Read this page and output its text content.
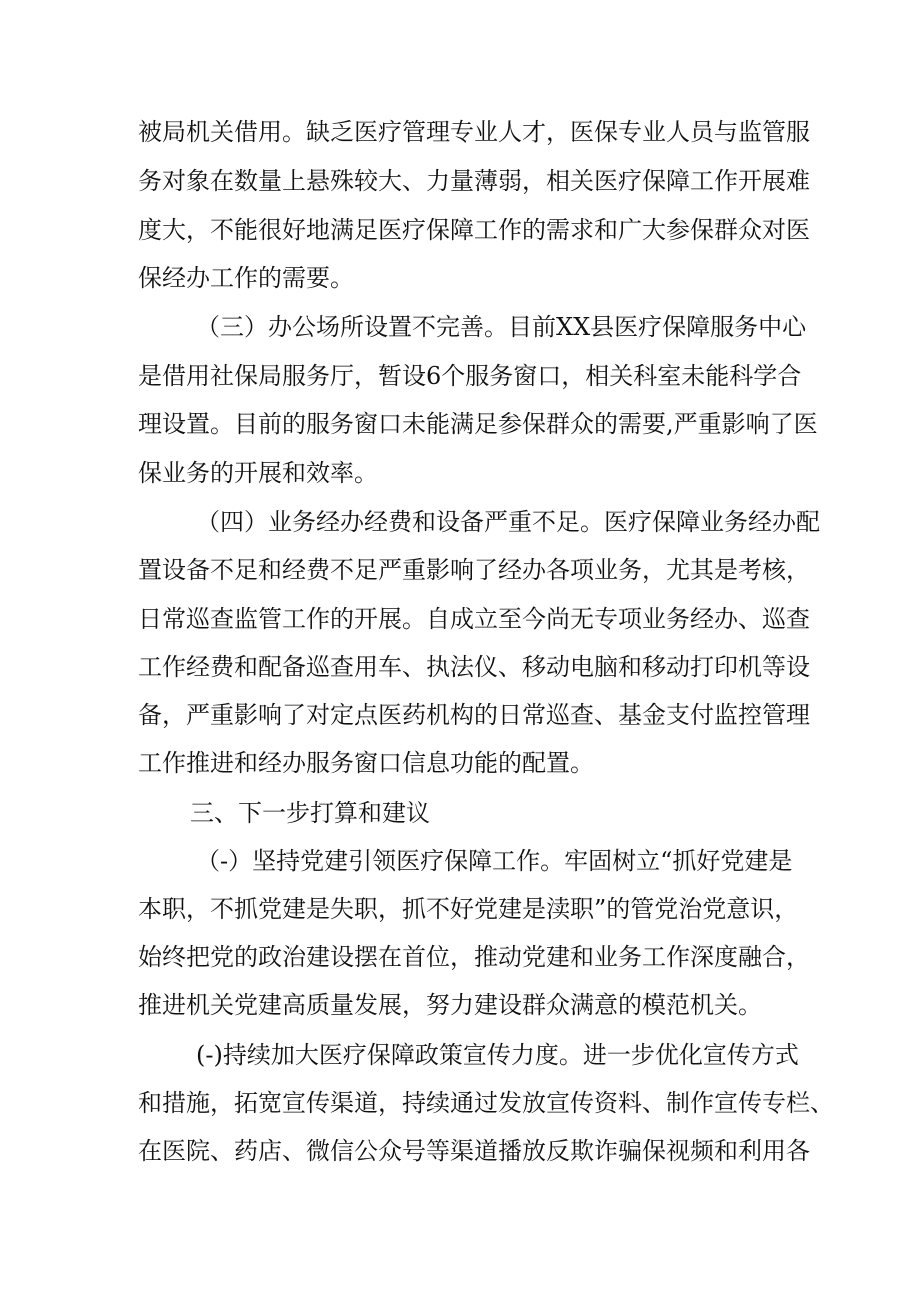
被局机关借用。缺乏医疗管理专业人才，医保专业人员与监管服
务对象在数量上悬殊较大、力量薄弱，相关医疗保障工作开展难
度大，不能很好地满足医疗保障工作的需求和广大参保群众对医
保经办工作的需要。
（三）办公场所设置不完善。目前XX县医疗保障服务中心
是借用社保局服务厅，暂设6个服务窗口，相关科室未能科学合
理设置。目前的服务窗口未能满足参保群众的需要,严重影响了医
保业务的开展和效率。
（四）业务经办经费和设备严重不足。医疗保障业务经办配
置设备不足和经费不足严重影响了经办各项业务，尤其是考核，
日常巡查监管工作的开展。自成立至今尚无专项业务经办、巡查
工作经费和配备巡查用车、执法仪、移动电脑和移动打印机等设
备，严重影响了对定点医药机构的日常巡查、基金支付监控管理
工作推进和经办服务窗口信息功能的配置。
三、下一步打算和建议
（-）坚持党建引领医疗保障工作。牢固树立“抓好党建是
本职，不抓党建是失职，抓不好党建是渎职”的管党治党意识，
始终把党的政治建设摆在首位，推动党建和业务工作深度融合，
推进机关党建高质量发展，努力建设群众满意的模范机关。
(-)持续加大医疗保障政策宣传力度。进一步优化宣传方式
和措施，拓宽宣传渠道，持续通过发放宣传资料、制作宣传专栏、
在医院、药店、微信公众号等渠道播放反欺诈骗保视频和利用各
